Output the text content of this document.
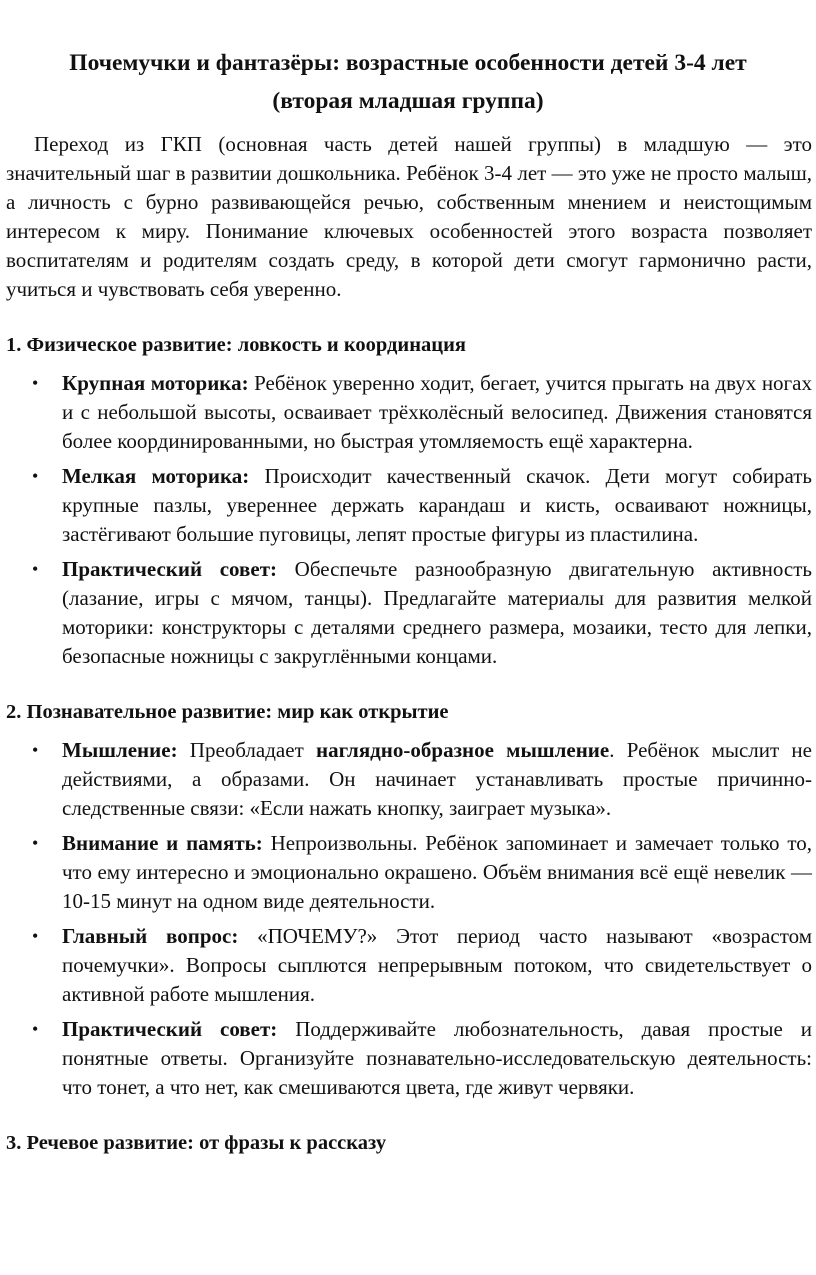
Почемучки и фантазёры: возрастные особенности детей 3-4 лет
(вторая младшая группа)

Переход из ГКП (основная часть детей нашей группы) в младшую — это значительный шаг в развитии дошкольника. Ребёнок 3-4 лет — это уже не просто малыш, а личность с бурно развивающейся речью, собственным мнением и неистощимым интересом к миру. Понимание ключевых особенностей этого возраста позволяет воспитателям и родителям создать среду, в которой дети смогут гармонично расти, учиться и чувствовать себя уверенно.

1. Физическое развитие: ловкость и координация
• Крупная моторика: Ребёнок уверенно ходит, бегает, учится прыгать на двух ногах и с небольшой высоты, осваивает трёхколёсный велосипед. Движения становятся более координированными, но быстрая утомляемость ещё характерна.
• Мелкая моторика: Происходит качественный скачок. Дети могут собирать крупные пазлы, увереннее держать карандаш и кисть, осваивают ножницы, застёгивают большие пуговицы, лепят простые фигуры из пластилина.
• Практический совет: Обеспечьте разнообразную двигательную активность (лазание, игры с мячом, танцы). Предлагайте материалы для развития мелкой моторики: конструкторы с деталями среднего размера, мозаики, тесто для лепки, безопасные ножницы с закруглёнными концами.
2. Познавательное развитие: мир как открытие
• Мышление: Преобладает наглядно-образное мышление. Ребёнок мыслит не действиями, а образами. Он начинает устанавливать простые причинно-следственные связи: «Если нажать кнопку, заиграет музыка».
• Внимание и память: Непроизвольны. Ребёнок запоминает и замечает только то, что ему интересно и эмоционально окрашено. Объём внимания всё ещё невелик — 10-15 минут на одном виде деятельности.
• Главный вопрос: «ПОЧЕМУ?» Этот период часто называют «возрастом почемучки». Вопросы сыплются непрерывным потоком, что свидетельствует о активной работе мышления.
• Практический совет: Поддерживайте любознательность, давая простые и понятные ответы. Организуйте познавательно-исследовательскую деятельность: что тонет, а что нет, как смешиваются цвета, где живут червяки.
3. Речевое развитие: от фразы к рассказу
